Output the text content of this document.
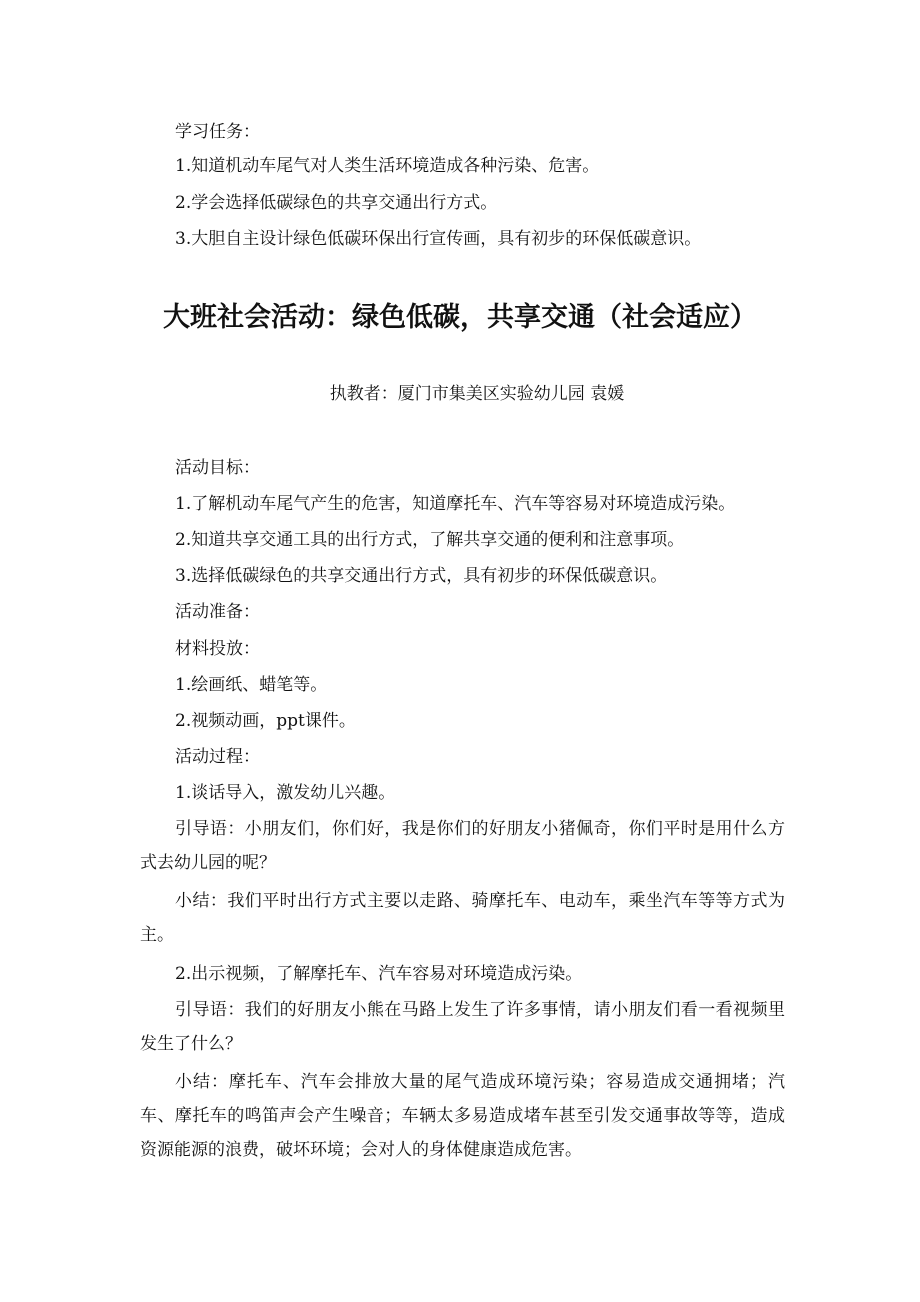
学习任务：
1.知道机动车尾气对人类生活环境造成各种污染、危害。
2.学会选择低碳绿色的共享交通出行方式。
3.大胆自主设计绿色低碳环保出行宣传画，具有初步的环保低碳意识。
大班社会活动：绿色低碳，共享交通（社会适应）
执教者：厦门市集美区实验幼儿园 袁媛
活动目标：
1.了解机动车尾气产生的危害，知道摩托车、汽车等容易对环境造成污染。
2.知道共享交通工具的出行方式，了解共享交通的便利和注意事项。
3.选择低碳绿色的共享交通出行方式，具有初步的环保低碳意识。
活动准备：
材料投放：
1.绘画纸、蜡笔等。
2.视频动画，ppt课件。
活动过程：
1.谈话导入，激发幼儿兴趣。
引导语：小朋友们，你们好，我是你们的好朋友小猪佩奇，你们平时是用什么方式去幼儿园的呢？
小结：我们平时出行方式主要以走路、骑摩托车、电动车，乘坐汽车等等方式为主。
2.出示视频，了解摩托车、汽车容易对环境造成污染。
引导语：我们的好朋友小熊在马路上发生了许多事情，请小朋友们看一看视频里发生了什么？
小结：摩托车、汽车会排放大量的尾气造成环境污染；容易造成交通拥堵；汽车、摩托车的鸣笛声会产生噪音；车辆太多易造成堵车甚至引发交通事故等等，造成资源能源的浪费，破坏环境；会对人的身体健康造成危害。
